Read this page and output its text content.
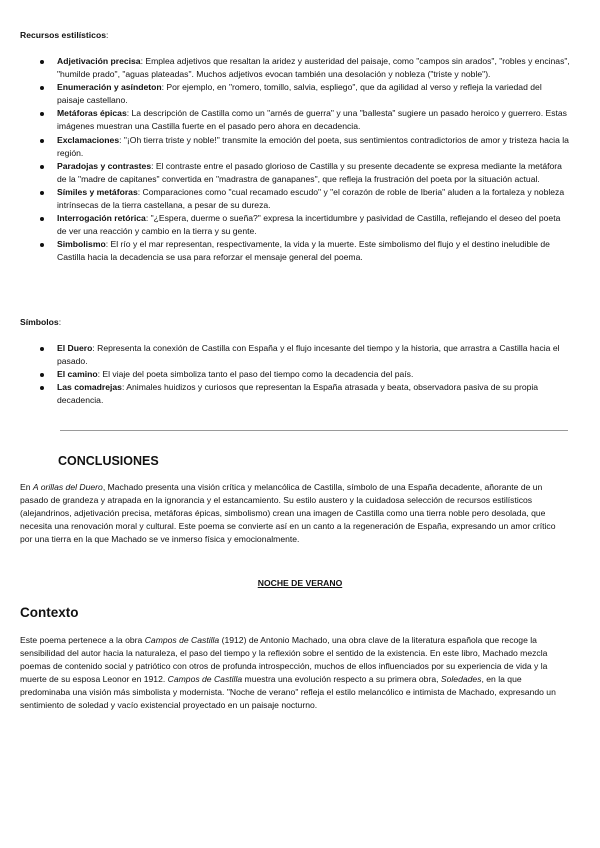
Recursos estilísticos:

Adjetivación precisa: Emplea adjetivos que resaltan la aridez y austeridad del paisaje, como "campos sin arados", "robles y encinas", "humilde prado", "aguas plateadas". Muchos adjetivos evocan también una desolación y nobleza ("triste y noble").
Enumeración y asíndeton: Por ejemplo, en "romero, tomillo, salvia, espliego", que da agilidad al verso y refleja la variedad del paisaje castellano.
Metáforas épicas: La descripción de Castilla como un "arnés de guerra" y una "ballesta" sugiere un pasado heroico y guerrero. Estas imágenes muestran una Castilla fuerte en el pasado pero ahora en decadencia.
Exclamaciones: "¡Oh tierra triste y noble!" transmite la emoción del poeta, sus sentimientos contradictorios de amor y tristeza hacia la región.
Paradojas y contrastes: El contraste entre el pasado glorioso de Castilla y su presente decadente se expresa mediante la metáfora de la "madre de capitanes" convertida en "madrastra de ganapanes", que refleja la frustración del poeta por la situación actual.
Símiles y metáforas: Comparaciones como "cual recamado escudo" y "el corazón de roble de Iberia" aluden a la fortaleza y nobleza intrínsecas de la tierra castellana, a pesar de su dureza.
Interrogación retórica: "¿Espera, duerme o sueña?" expresa la incertidumbre y pasividad de Castilla, reflejando el deseo del poeta de ver una reacción y cambio en la tierra y su gente.
Simbolismo: El río y el mar representan, respectivamente, la vida y la muerte. Este simbolismo del flujo y el destino ineludible de Castilla hacia la decadencia se usa para reforzar el mensaje general del poema.

Símbolos:

El Duero: Representa la conexión de Castilla con España y el flujo incesante del tiempo y la historia, que arrastra a Castilla hacia el pasado.
El camino: El viaje del poeta simboliza tanto el paso del tiempo como la decadencia del país.
Las comadrejas: Animales huidizos y curiosos que representan la España atrasada y beata, observadora pasiva de su propia decadencia.
CONCLUSIONES

En A orillas del Duero, Machado presenta una visión crítica y melancólica de Castilla, símbolo de una España decadente, añorante de un pasado de grandeza y atrapada en la ignorancia y el estancamiento. Su estilo austero y la cuidadosa selección de recursos estilísticos (alejandrinos, adjetivación precisa, metáforas épicas, simbolismo) crean una imagen de Castilla como una tierra noble pero desolada, que necesita una renovación moral y cultural. Este poema se convierte así en un canto a la regeneración de España, expresando un amor crítico por una tierra en la que Machado se ve inmerso física y emocionalmente.

NOCHE DE VERANO

Contexto

Este poema pertenece a la obra Campos de Castilla (1912) de Antonio Machado, una obra clave de la literatura española que recoge la sensibilidad del autor hacia la naturaleza, el paso del tiempo y la reflexión sobre el sentido de la existencia. En este libro, Machado mezcla poemas de contenido social y patriótico con otros de profunda introspección, muchos de ellos influenciados por su experiencia de vida y la muerte de su esposa Leonor en 1912. Campos de Castilla muestra una evolución respecto a su primera obra, Soledades, en la que predominaba una visión más simbolista y modernista. "Noche de verano" refleja el estilo melancólico e intimista de Machado, expresando un sentimiento de soledad y vacío existencial proyectado en un paisaje nocturno.
